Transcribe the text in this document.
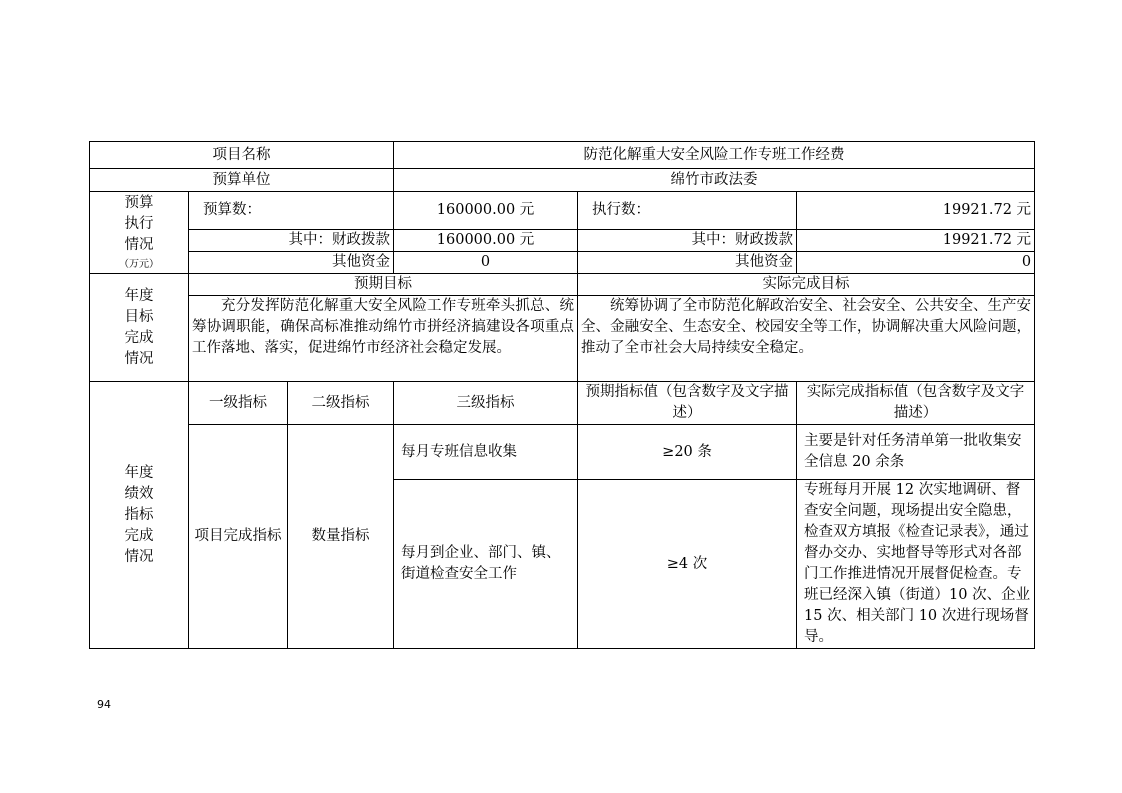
项目名称			防范化解重大安全风险工作专班工作经费		
预算单位			绵竹市政法委		

预算
执行
情况
（万元）	预算数：		160000.00 元	执行数：	19921.72 元
	其中：财政拨款		160000.00 元	其中：财政拨款	19921.72 元
	其他资金		0	其他资金	0

年度
目标
完成
情况	预期目标			实际完成目标	
	充分发挥防范化解重大安全风险工作专班牵头抓总、统筹协调职能，确保高标准推动绵竹市拼经济搞建设各项重点工作落地、落实，促进绵竹市经济社会稳定发展。			统筹协调了全市防范化解政治安全、社会安全、公共安全、生产安全、金融安全、生态安全、校园安全等工作，协调解决重大风险问题，推动了全市社会大局持续安全稳定。	

年度
绩效
指标
完成
情况	一级指标	二级指标	三级指标	预期指标值（包含数字及文字描述）	实际完成指标值（包含数字及文字描述）
	项目完成指标	数量指标	每月专班信息收集	≥20 条	主要是针对任务清单第一批收集安全信息 20 余条
			每月到企业、部门、镇、街道检查安全工作	≥4 次	专班每月开展 12 次实地调研、督查安全问题，现场提出安全隐患，检查双方填报《检查记录表》，通过督办交办、实地督导等形式对各部门工作推进情况开展督促检查。专班已经深入镇（街道）10 次、企业 15 次、相关部门 10 次进行现场督导。
94
